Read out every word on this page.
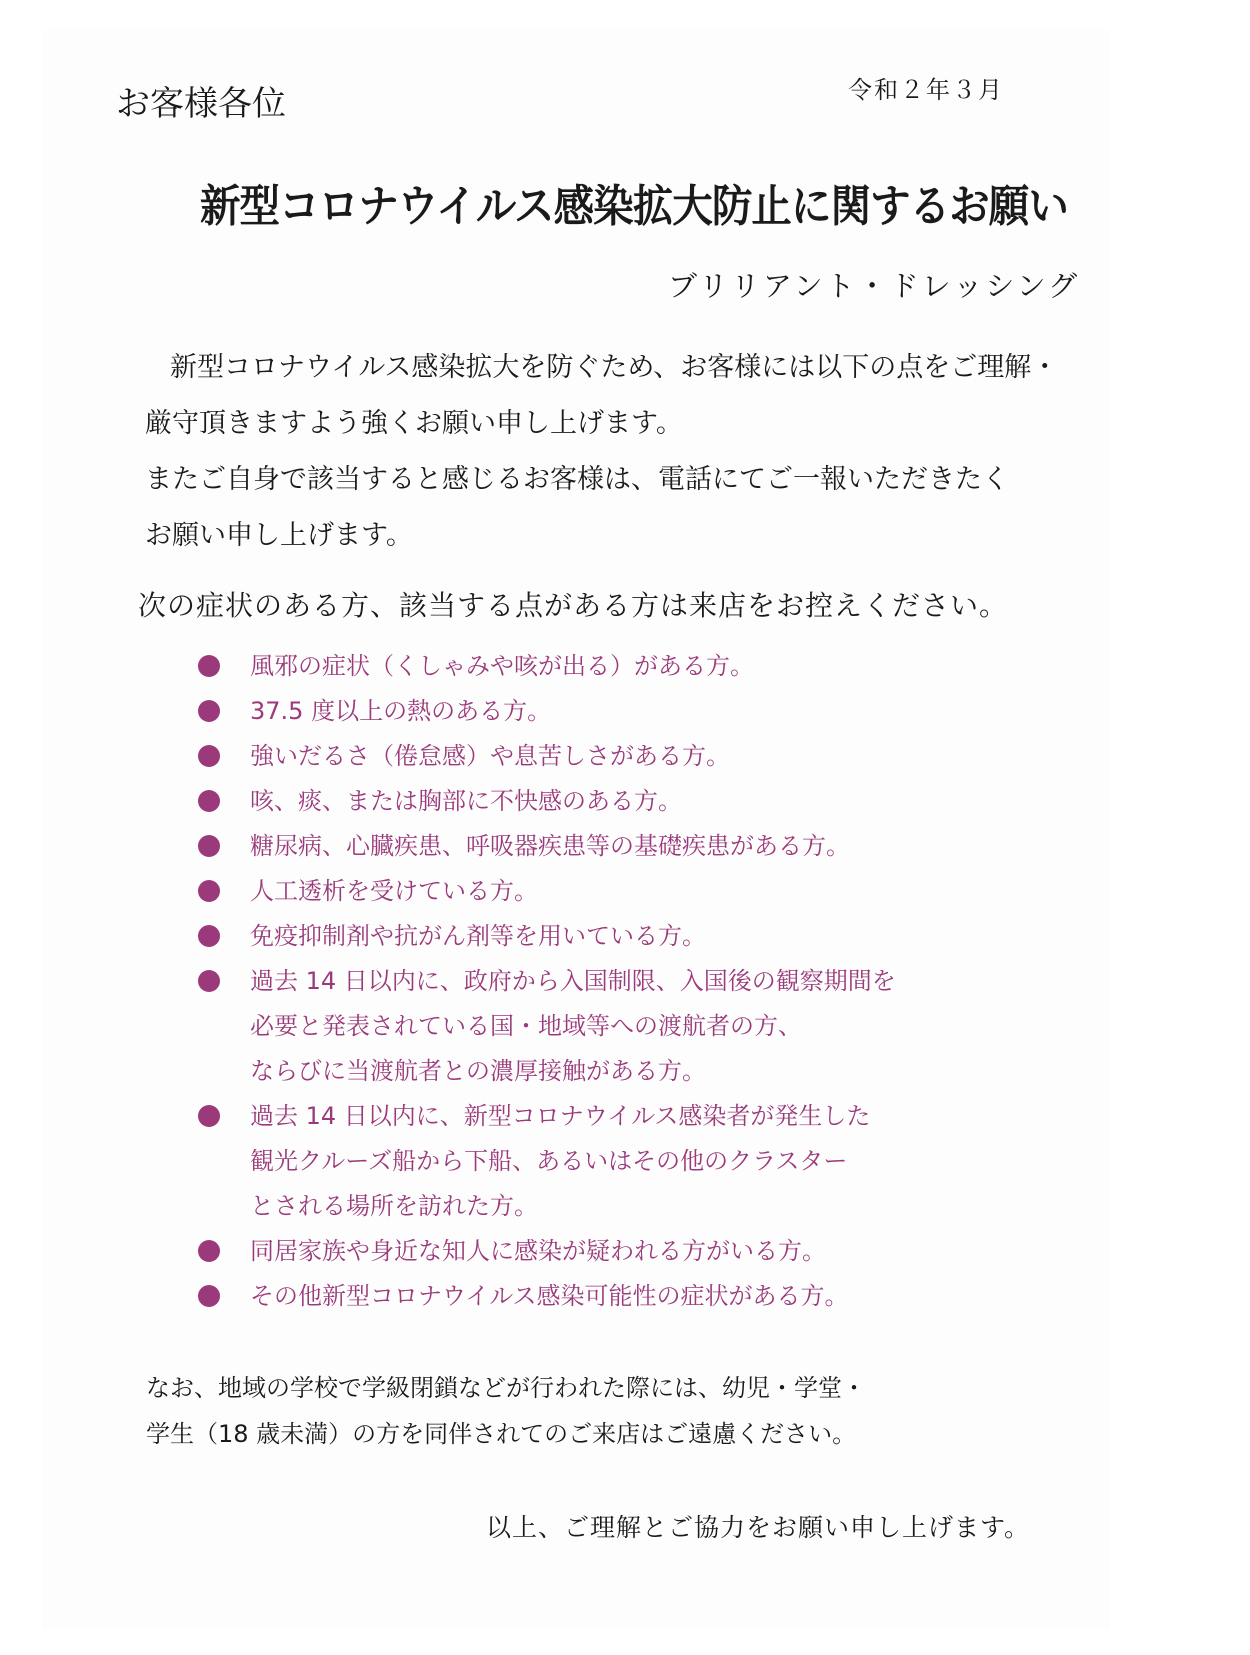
お客様各位	令和２年３月
新型コロナウイルス感染拡大防止に関するお願い
ブリリアント・ドレッシング
新型コロナウイルス感染拡大を防ぐため、お客様には以下の点をご理解・
厳守頂きますよう強くお願い申し上げます。
またご自身で該当すると感じるお客様は、電話にてご一報いただきたく
お願い申し上げます。
次の症状のある方、該当する点がある方は来店をお控えください。
風邪の症状（くしゃみや咳が出る）がある方。
37.5 度以上の熱のある方。
強いだるさ（倦怠感）や息苦しさがある方。
咳、痰、または胸部に不快感のある方。
糖尿病、心臓疾患、呼吸器疾患等の基礎疾患がある方。
人工透析を受けている方。
免疫抑制剤や抗がん剤等を用いている方。
過去 14 日以内に、政府から入国制限、入国後の観察期間を
必要と発表されている国・地域等への渡航者の方、
ならびに当渡航者との濃厚接触がある方。
過去 14 日以内に、新型コロナウイルス感染者が発生した
観光クルーズ船から下船、あるいはその他のクラスター
とされる場所を訪れた方。
同居家族や身近な知人に感染が疑われる方がいる方。
その他新型コロナウイルス感染可能性の症状がある方。
なお、地域の学校で学級閉鎖などが行われた際には、幼児・学堂・
学生（18 歳未満）の方を同伴されてのご来店はご遠慮ください。
以上、ご理解とご協力をお願い申し上げます。
